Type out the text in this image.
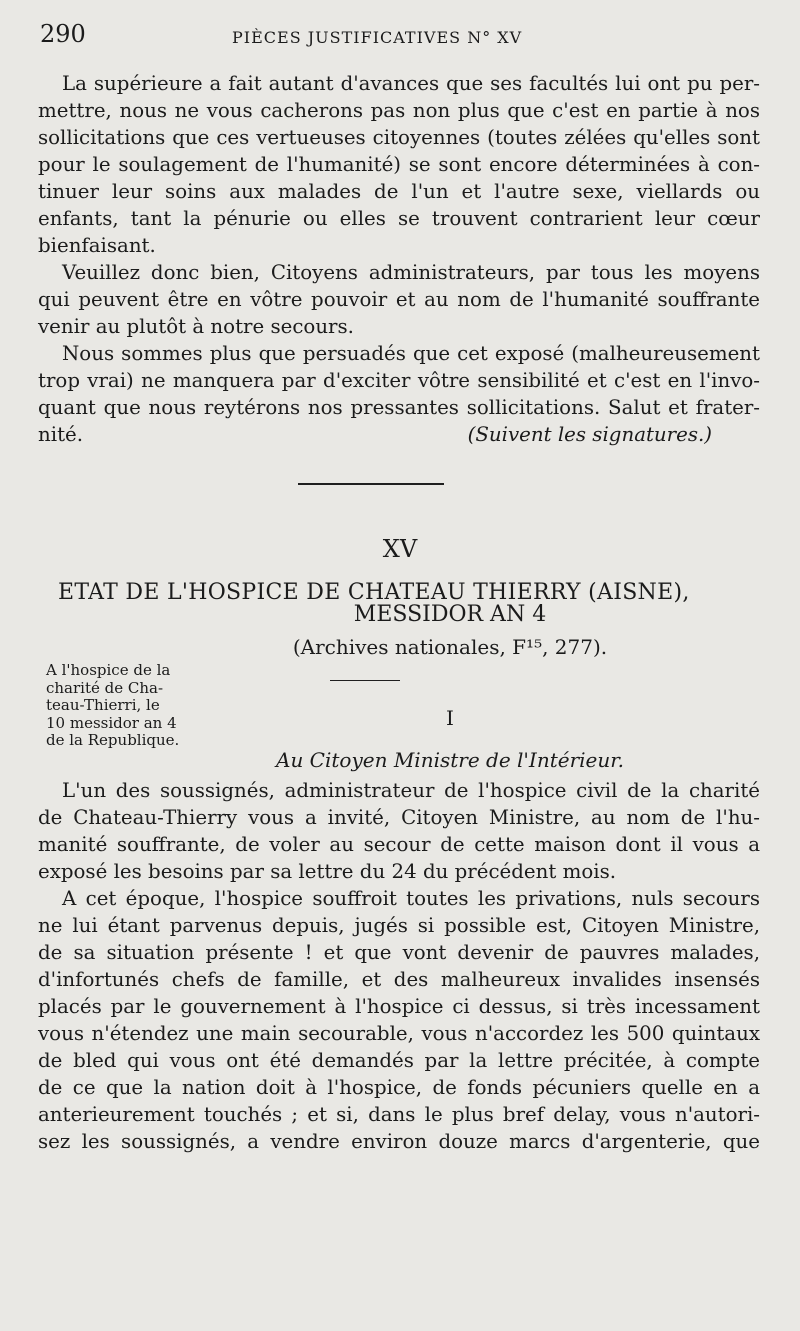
290	PIÈCES JUSTIFICATIVES N° XV
La supérieure a fait autant d'avances que ses facultés lui ont pu per-
mettre, nous ne vous cacherons pas non plus que c'est en partie à nos
sollicitations que ces vertueuses citoyennes (toutes zélées qu'elles sont
pour le soulagement de l'humanité) se sont encore déterminées à con-
tinuer leur soins aux malades de l'un et l'autre sexe, viellards ou
enfants, tant la pénurie ou elles se trouvent contrarient leur cœur
bienfaisant.
Veuillez donc bien, Citoyens administrateurs, par tous les moyens
qui peuvent être en vôtre pouvoir et au nom de l'humanité souffrante
venir au plutôt à notre secours.
Nous sommes plus que persuadés que cet exposé (malheureusement
trop vrai) ne manquera par d'exciter vôtre sensibilité et c'est en l'invo-
quant que nous reytérons nos pressantes sollicitations. Salut et frater-
nité.	(Suivent les signatures.)
XV
ETAT DE L'HOSPICE DE CHATEAU THIERRY (AISNE),
MESSIDOR AN 4
(Archives nationales, F¹⁵, 277).
A l'hospice de la
charité de Cha-
teau-Thierri, le
10 messidor an 4
de la Republique.
I
Au Citoyen Ministre de l'Intérieur.
L'un des soussignés, administrateur de l'hospice civil de la charité
de Chateau-Thierry vous a invité, Citoyen Ministre, au nom de l'hu-
manité souffrante, de voler au secour de cette maison dont il vous a
exposé les besoins par sa lettre du 24 du précédent mois.
A cet époque, l'hospice souffroit toutes les privations, nuls secours
ne lui étant parvenus depuis, jugés si possible est, Citoyen Ministre,
de sa situation présente ! et que vont devenir de pauvres malades,
d'infortunés chefs de famille, et des malheureux invalides insensés
placés par le gouvernement à l'hospice ci dessus, si très incessament
vous n'étendez une main secourable, vous n'accordez les 500 quintaux
de bled qui vous ont été demandés par la lettre précitée, à compte
de ce que la nation doit à l'hospice, de fonds pécuniers quelle en a
anterieurement touchés ; et si, dans le plus bref delay, vous n'autori-
sez les soussignés, a vendre environ douze marcs d'argenterie, que
